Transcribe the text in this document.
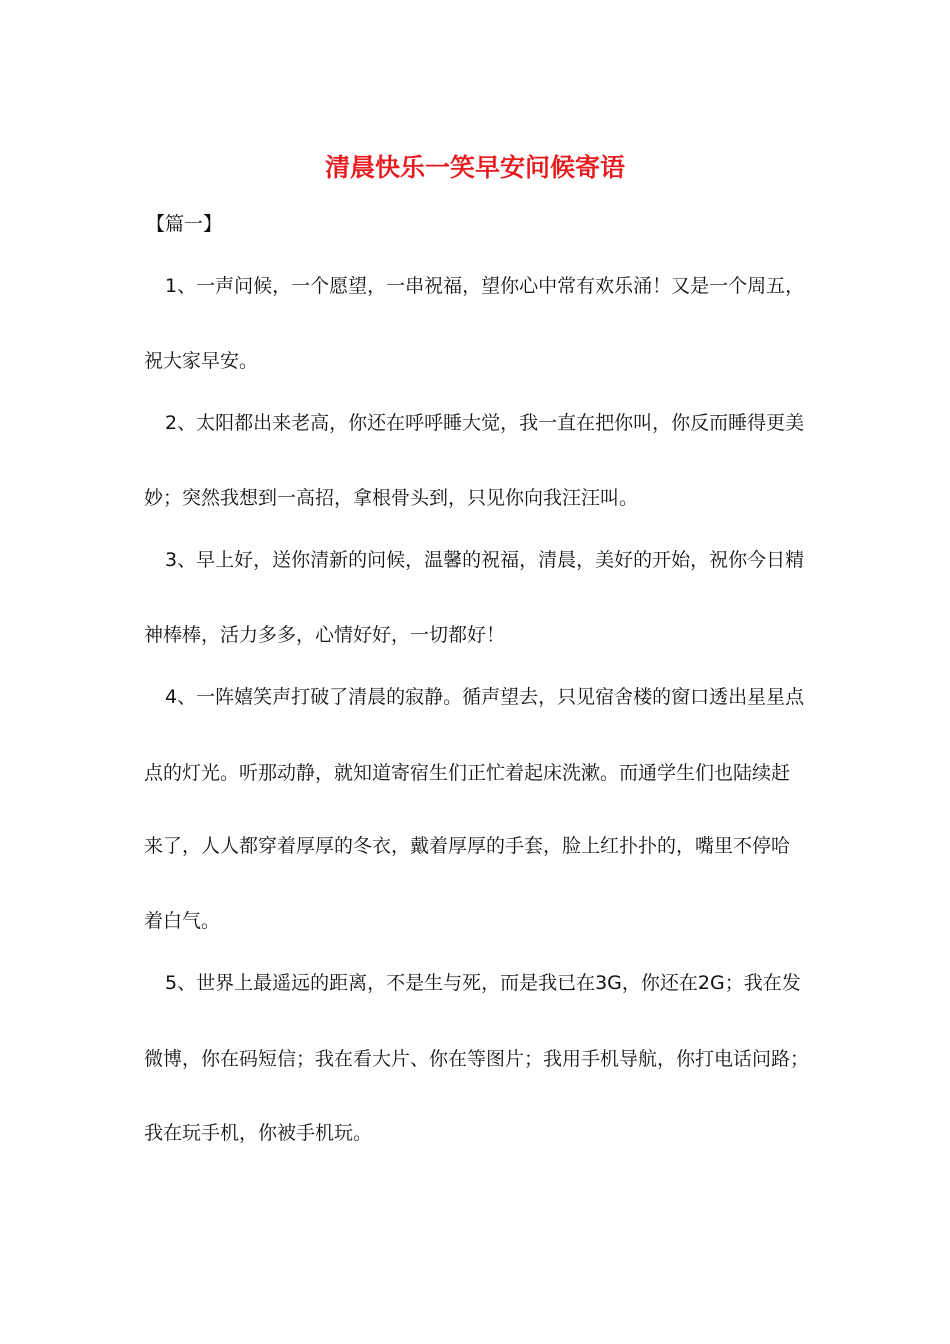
清晨快乐一笑早安问候寄语

【篇一】

1、一声问候，一个愿望，一串祝福，望你心中常有欢乐涌！又是一个周五，

祝大家早安。

2、太阳都出来老高，你还在呼呼睡大觉，我一直在把你叫，你反而睡得更美

妙；突然我想到一高招，拿根骨头到，只见你向我汪汪叫。

3、早上好，送你清新的问候，温馨的祝福，清晨，美好的开始，祝你今日精

神棒棒，活力多多，心情好好，一切都好！

4、一阵嬉笑声打破了清晨的寂静。循声望去，只见宿舍楼的窗口透出星星点

点的灯光。听那动静，就知道寄宿生们正忙着起床洗漱。而通学生们也陆续赶

来了，人人都穿着厚厚的冬衣，戴着厚厚的手套，脸上红扑扑的，嘴里不停哈

着白气。

5、世界上最遥远的距离，不是生与死，而是我已在3G，你还在2G；我在发

微博，你在码短信；我在看大片、你在等图片；我用手机导航，你打电话问路；

我在玩手机，你被手机玩。
